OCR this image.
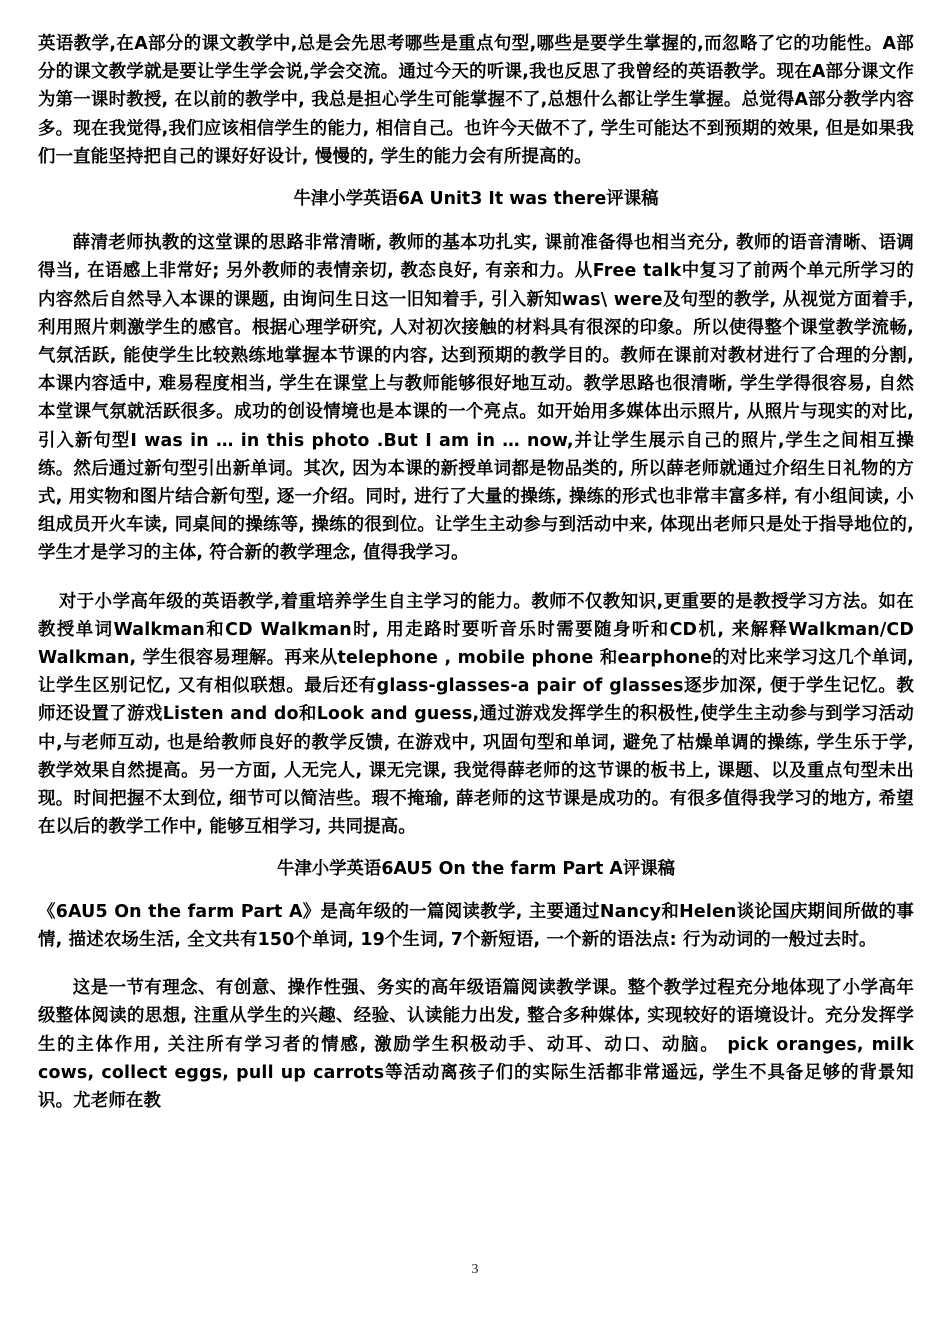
英语教学,在A部分的课文教学中,总是会先思考哪些是重点句型,哪些是要学生掌握的,而忽略了它的功能性。A部分的课文教学就是要让学生学会说,学会交流。通过今天的听课,我也反思了我曾经的英语教学。现在A部分课文作为第一课时教授, 在以前的教学中, 我总是担心学生可能掌握不了,总想什么都让学生掌握。总觉得A部分教学内容多。现在我觉得,我们应该相信学生的能力, 相信自己。也许今天做不了, 学生可能达不到预期的效果, 但是如果我们一直能坚持把自己的课好好设计, 慢慢的, 学生的能力会有所提高的。

牛津小学英语6A Unit3 It was there评课稿

薛清老师执教的这堂课的思路非常清晰, 教师的基本功扎实, 课前准备得也相当充分, 教师的语音清晰、语调得当, 在语感上非常好; 另外教师的表情亲切, 教态良好, 有亲和力。从Free talk中复习了前两个单元所学习的内容然后自然导入本课的课题, 由询问生日这一旧知着手, 引入新知was\ were及句型的教学, 从视觉方面着手, 利用照片刺激学生的感官。根据心理学研究, 人对初次接触的材料具有很深的印象。所以使得整个课堂教学流畅, 气氛活跃, 能使学生比较熟练地掌握本节课的内容, 达到预期的教学目的。教师在课前对教材进行了合理的分割, 本课内容适中, 难易程度相当, 学生在课堂上与教师能够很好地互动。教学思路也很清晰, 学生学得很容易, 自然本堂课气氛就活跃很多。成功的创设情境也是本课的一个亮点。如开始用多媒体出示照片, 从照片与现实的对比, 引入新句型I was in … in this photo .But I am in … now,并让学生展示自己的照片,学生之间相互操练。然后通过新句型引出新单词。其次, 因为本课的新授单词都是物品类的, 所以薛老师就通过介绍生日礼物的方式, 用实物和图片结合新句型, 逐一介绍。同时, 进行了大量的操练, 操练的形式也非常丰富多样, 有小组间读, 小组成员开火车读, 同桌间的操练等, 操练的很到位。让学生主动参与到活动中来, 体现出老师只是处于指导地位的, 学生才是学习的主体, 符合新的教学理念, 值得我学习。

对于小学高年级的英语教学,着重培养学生自主学习的能力。教师不仅教知识,更重要的是教授学习方法。如在教授单词Walkman和CD Walkman时, 用走路时要听音乐时需要随身听和CD机, 来解释Walkman/CD Walkman, 学生很容易理解。再来从telephone , mobile phone 和earphone的对比来学习这几个单词, 让学生区别记忆, 又有相似联想。最后还有glass-glasses-a pair of glasses逐步加深, 便于学生记忆。教师还设置了游戏Listen and do和Look and guess,通过游戏发挥学生的积极性,使学生主动参与到学习活动中,与老师互动, 也是给教师良好的教学反馈, 在游戏中, 巩固句型和单词, 避免了枯燥单调的操练, 学生乐于学, 教学效果自然提高。另一方面, 人无完人, 课无完课, 我觉得薛老师的这节课的板书上, 课题、以及重点句型未出现。时间把握不太到位, 细节可以简洁些。瑕不掩瑜, 薛老师的这节课是成功的。有很多值得我学习的地方, 希望在以后的教学工作中, 能够互相学习, 共同提高。

牛津小学英语6AU5 On the farm Part A评课稿

《6AU5 On the farm Part A》是高年级的一篇阅读教学, 主要通过Nancy和Helen谈论国庆期间所做的事情, 描述农场生活, 全文共有150个单词, 19个生词, 7个新短语, 一个新的语法点: 行为动词的一般过去时。

这是一节有理念、有创意、操作性强、务实的高年级语篇阅读教学课。整个教学过程充分地体现了小学高年级整体阅读的思想, 注重从学生的兴趣、经验、认读能力出发, 整合多种媒体, 实现较好的语境设计。充分发挥学生的主体作用, 关注所有学习者的情感, 激励学生积极动手、动耳、动口、动脑。 pick oranges, milk cows, collect eggs, pull up carrots等活动离孩子们的实际生活都非常遥远, 学生不具备足够的背景知识。尤老师在教

3
